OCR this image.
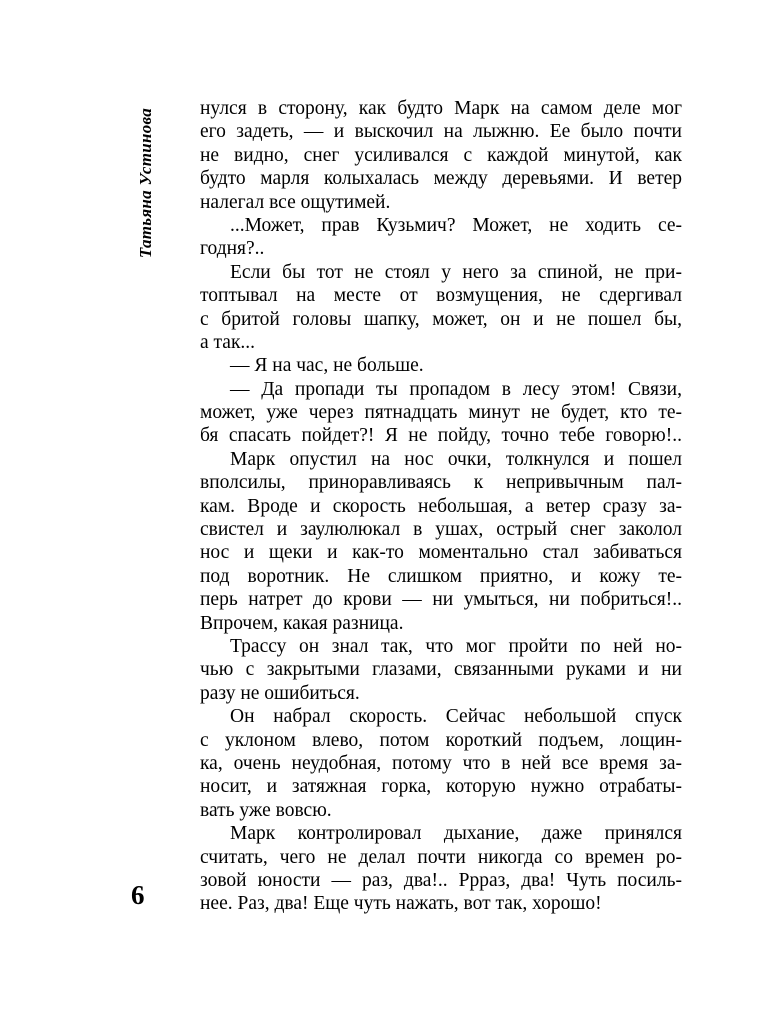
Татьяна Устинова нулся в сторону, как будто Марк на самом деле мог
его задеть, — и выскочил на лыжню. Ее было почти
не видно, снег усиливался с каждой минутой, как
будто марля колыхалась между деревьями. И ветер
налегал все ощутимей.
...Может, прав Кузьмич? Может, не ходить се-
годня?..
Если бы тот не стоял у него за спиной, не при-
топтывал на месте от возмущения, не сдергивал
с бритой головы шапку, может, он и не пошел бы,
а так...
— Я на час, не больше.
— Да пропади ты пропадом в лесу этом! Связи,
может, уже через пятнадцать минут не будет, кто те-
бя спасать пойдет?! Я не пойду, точно тебе говорю!..
Марк опустил на нос очки, толкнулся и пошел
вполсилы, приноравливаясь к непривычным пал-
кам. Вроде и скорость небольшая, а ветер сразу за-
свистел и заулюлюкал в ушах, острый снег заколол
нос и щеки и как-то моментально стал забиваться
под воротник. Не слишком приятно, и кожу те-
перь натрет до крови — ни умыться, ни побриться!..
Впрочем, какая разница.
Трассу он знал так, что мог пройти по ней но-
чью с закрытыми глазами, связанными руками и ни
разу не ошибиться.
Он набрал скорость. Сейчас небольшой спуск
с уклоном влево, потом короткий подъем, лощин-
ка, очень неудобная, потому что в ней все время за-
носит, и затяжная горка, которую нужно отрабаты-
вать уже вовсю.
Марк контролировал дыхание, даже принялся
считать, чего не делал почти никогда со времен ро-
зовой юности — раз, два!.. Ррраз, два! Чуть посиль-
нее. Раз, два! Еще чуть нажать, вот так, хорошо!
6
